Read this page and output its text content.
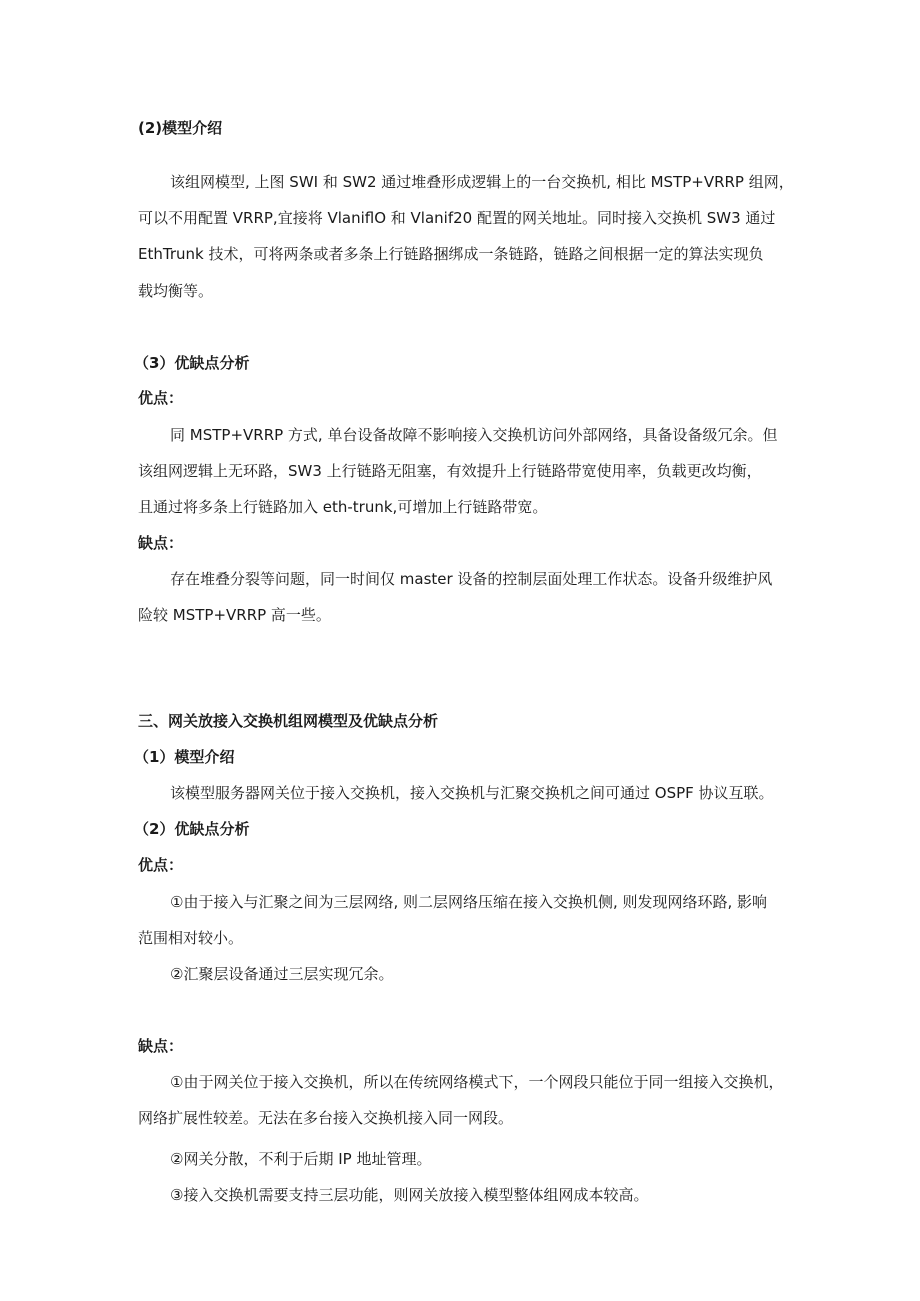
(2)模型介绍

该组网模型, 上图 SWI 和 SW2 通过堆叠形成逻辑上的一台交换机, 相比 MSTP+VRRP 组网，

可以不用配置 VRRP,宜接将 VlaniflO 和 Vlanif20 配置的网关地址。同时接入交换机 SW3 通过

EthTrunk 技术，可将两条或者多条上行链路捆绑成一条链路，链路之间根据一定的算法实现负

载均衡等。

（3）优缺点分析

优点：

同 MSTP+VRRP 方式, 单台设备故障不影响接入交换机访问外部网络，具备设备级冗余。但

该组网逻辑上无环路，SW3 上行链路无阻塞，有效提升上行链路带宽使用率，负载更改均衡，

且通过将多条上行链路加入 eth-trunk,可增加上行链路带宽。

缺点：

存在堆叠分裂等问题，同一时间仅 master 设备的控制层面处理工作状态。设备升级维护风

险较 MSTP+VRRP 高一些。

三、网关放接入交换机组网模型及优缺点分析

（1）模型介绍

该模型服务器网关位于接入交换机，接入交换机与汇聚交换机之间可通过 OSPF 协议互联。

（2）优缺点分析

优点：

①由于接入与汇聚之间为三层网络, 则二层网络压缩在接入交换机侧, 则发现网络环路, 影响

范围相对较小。

②汇聚层设备通过三层实现冗余。

缺点：

①由于网关位于接入交换机，所以在传统网络模式下，一个网段只能位于同一组接入交换机，

网络扩展性较差。无法在多台接入交换机接入同一网段。

②网关分散，不利于后期 IP 地址管理。

③接入交换机需要支持三层功能，则网关放接入模型整体组网成本较高。
